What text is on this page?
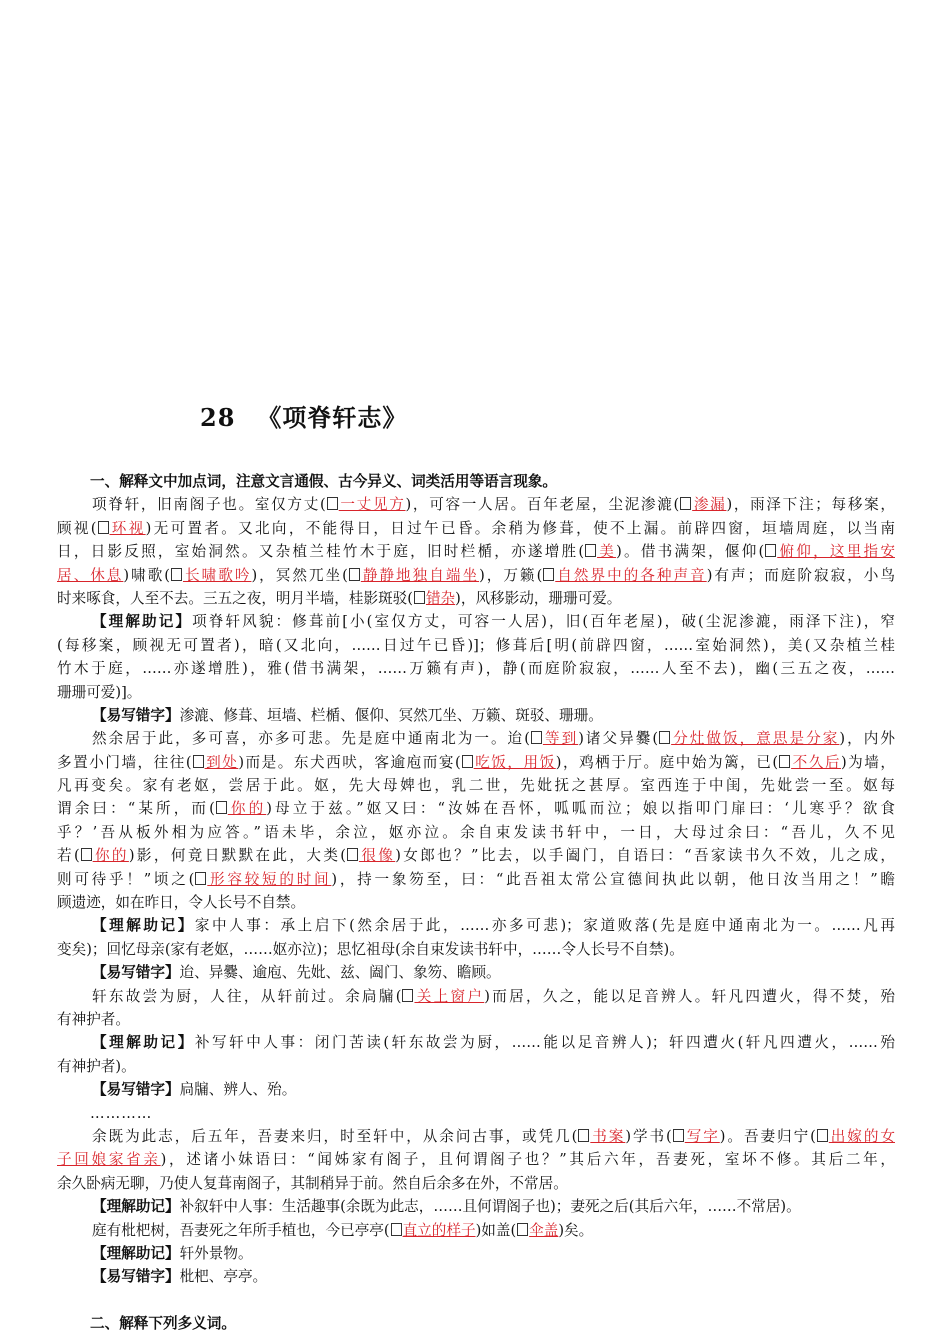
28 《项脊轩志》
一、解释文中加点词，注意文言通假、古今异义、词类活用等语言现象。
项脊轩，旧南阁子也。室仅方丈( 一丈见方)，可容一人居。百年老屋，尘泥渗漉( 渗漏)，雨泽下注；每移案，
顾视( 环视)无可置者。又北向，不能得日，日过午已昏。余稍为修葺，使不上漏。前辟四窗，垣墙周庭，以当南
日，日影反照，室始洞然。又杂植兰桂竹木于庭，旧时栏楯，亦遂增胜( 美)。借书满架，偃仰( 俯仰，这里指安
居、休息)啸歌( 长啸歌吟)，冥然兀坐( 静静地独自端坐)，万籁( 自然界中的各种声音)有声；而庭阶寂寂，小鸟
时来啄食，人至不去。三五之夜，明月半墙，桂影斑驳( 错杂)，风移影动，珊珊可爱。
【理解助记】项脊轩风貌：修葺前[小(室仅方丈，可容一人居)，旧(百年老屋)，破(尘泥渗漉，雨泽下注)，窄
(每移案，顾视无可置者)，暗(又北向，……日过午已昏)]；修葺后[明(前辟四窗，……室始洞然)，美(又杂植兰桂
竹木于庭，……亦遂增胜)，雅(借书满架，……万籁有声)，静(而庭阶寂寂，……人至不去)，幽(三五之夜，……
珊珊可爱)]。
【易写错字】渗漉、修葺、垣墙、栏楯、偃仰、冥然兀坐、万籁、斑驳、珊珊。
然余居于此，多可喜，亦多可悲。先是庭中通南北为一。迨( 等到)诸父异爨( 分灶做饭，意思是分家)，内外
多置小门墙，往往( 到处)而是。东犬西吠，客逾庖而宴( 吃饭，用饭)，鸡栖于厅。庭中始为篱，已( 不久后)为墙，
凡再变矣。家有老妪，尝居于此。妪，先大母婢也，乳二世，先妣抚之甚厚。室西连于中闺，先妣尝一至。妪每
谓余曰：“某所，而( 你的)母立于兹。”妪又曰：“汝姊在吾怀，呱呱而泣；娘以指叩门扉曰：‘儿寒乎？欲食
乎？’吾从板外相为应答。”语未毕，余泣，妪亦泣。余自束发读书轩中，一日，大母过余曰：“吾儿，久不见
若( 你的)影，何竟日默默在此，大类( 很像)女郎也？”比去，以手阖门，自语曰：“吾家读书久不效，儿之成，
则可待乎！”顷之( 形容较短的时间)，持一象笏至，曰：“此吾祖太常公宣德间执此以朝，他日汝当用之！”瞻
顾遗迹，如在昨日，令人长号不自禁。
【理解助记】家中人事：承上启下(然余居于此，……亦多可悲)；家道败落(先是庭中通南北为一。……凡再
变矣)；回忆母亲(家有老妪，……妪亦泣)；思忆祖母(余自束发读书轩中，……令人长号不自禁)。
【易写错字】迨、异爨、逾庖、先妣、兹、阖门、象笏、瞻顾。
轩东故尝为厨，人往，从轩前过。余扃牖( 关上窗户)而居，久之，能以足音辨人。轩凡四遭火，得不焚，殆
有神护者。
【理解助记】补写轩中人事：闭门苦读(轩东故尝为厨，……能以足音辨人)；轩四遭火(轩凡四遭火，……殆
有神护者)。
【易写错字】扃牖、辨人、殆。
…………
余既为此志，后五年，吾妻来归，时至轩中，从余问古事，或凭几( 书案)学书( 写字)。吾妻归宁( 出嫁的女
子回娘家省亲)，述诸小妹语曰：“闻姊家有阁子，且何谓阁子也？”其后六年，吾妻死，室坏不修。其后二年，
余久卧病无聊，乃使人复葺南阁子，其制稍异于前。然自后余多在外，不常居。
【理解助记】补叙轩中人事：生活趣事(余既为此志，……且何谓阁子也)；妻死之后(其后六年，……不常居)。
庭有枇杷树，吾妻死之年所手植也，今已亭亭( 直立的样子)如盖( 伞盖)矣。
【理解助记】轩外景物。
【易写错字】枇杷、亭亭。
二、解释下列多义词。
